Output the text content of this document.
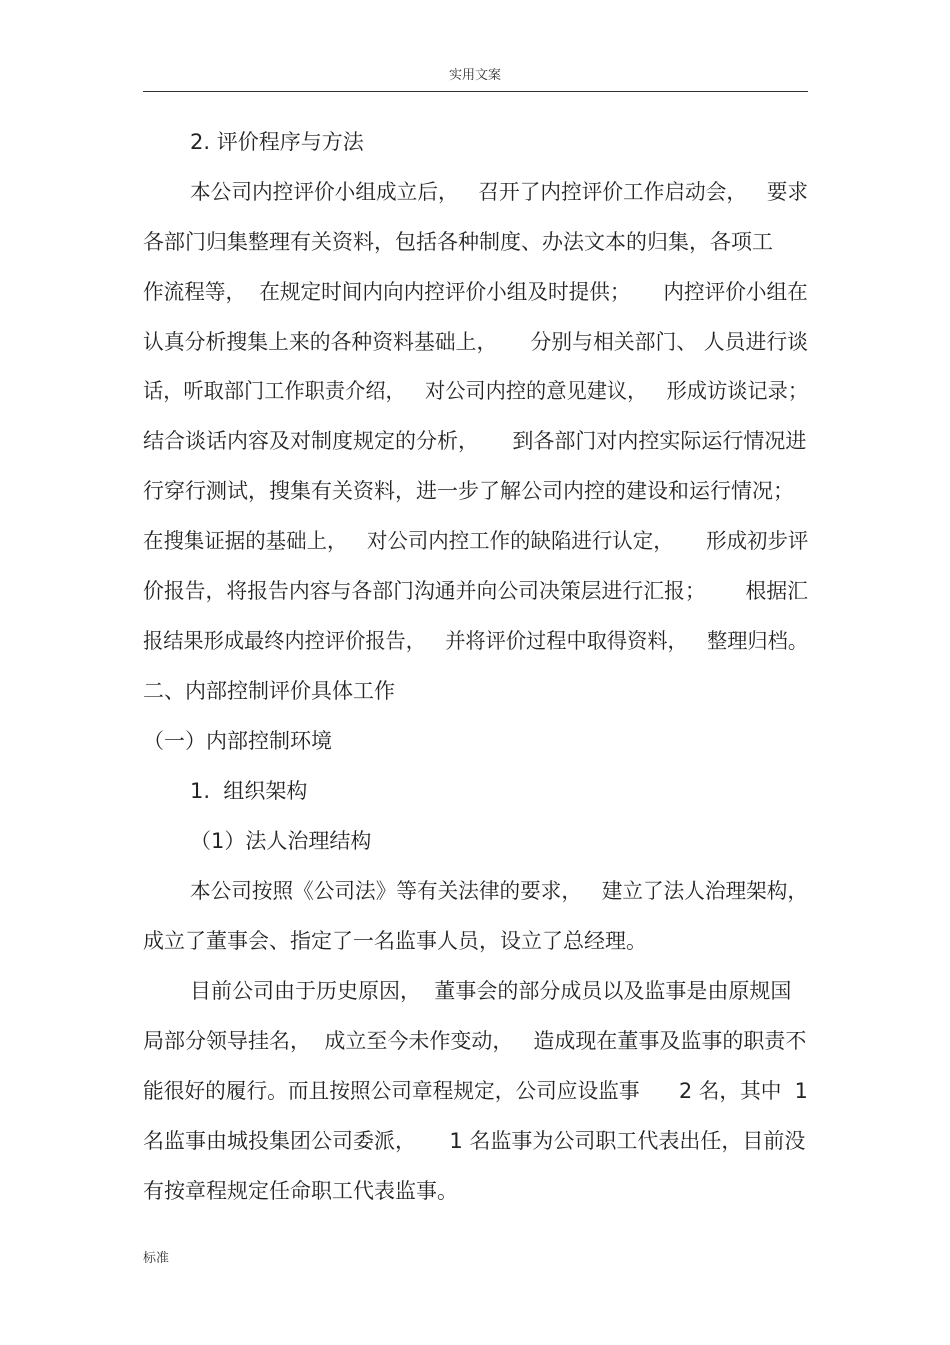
实用文案
2. 评价程序与方法
本公司内控评价小组成立后，   召开了内控评价工作启动会，   要求
各部门归集整理有关资料，包括各种制度、办法文本的归集，各项工
作流程等，  在规定时间内向内控评价小组及时提供；     内控评价小组在
认真分析搜集上来的各种资料基础上，     分别与相关部门、 人员进行谈
话，听取部门工作职责介绍，   对公司内控的意见建议，   形成访谈记录；
结合谈话内容及对制度规定的分析，     到各部门对内控实际运行情况进
行穿行测试，搜集有关资料，进一步了解公司内控的建设和运行情况；
在搜集证据的基础上，   对公司内控工作的缺陷进行认定，     形成初步评
价报告，将报告内容与各部门沟通并向公司决策层进行汇报；      根据汇
报结果形成最终内控评价报告，   并将评价过程中取得资料，   整理归档。
二、内部控制评价具体工作
（一）内部控制环境
1.  组织架构
（1）法人治理结构
本公司按照《公司法》等有关法律的要求，   建立了法人治理架构，
成立了董事会、指定了一名监事人员，设立了总经理。
目前公司由于历史原因，  董事会的部分成员以及监事是由原规国
局部分领导挂名，  成立至今未作变动，   造成现在董事及监事的职责不
能很好的履行。而且按照公司章程规定，公司应设监事      2 名，其中  1
名监事由城投集团公司委派，     1 名监事为公司职工代表出任，目前没
有按章程规定任命职工代表监事。
标准
